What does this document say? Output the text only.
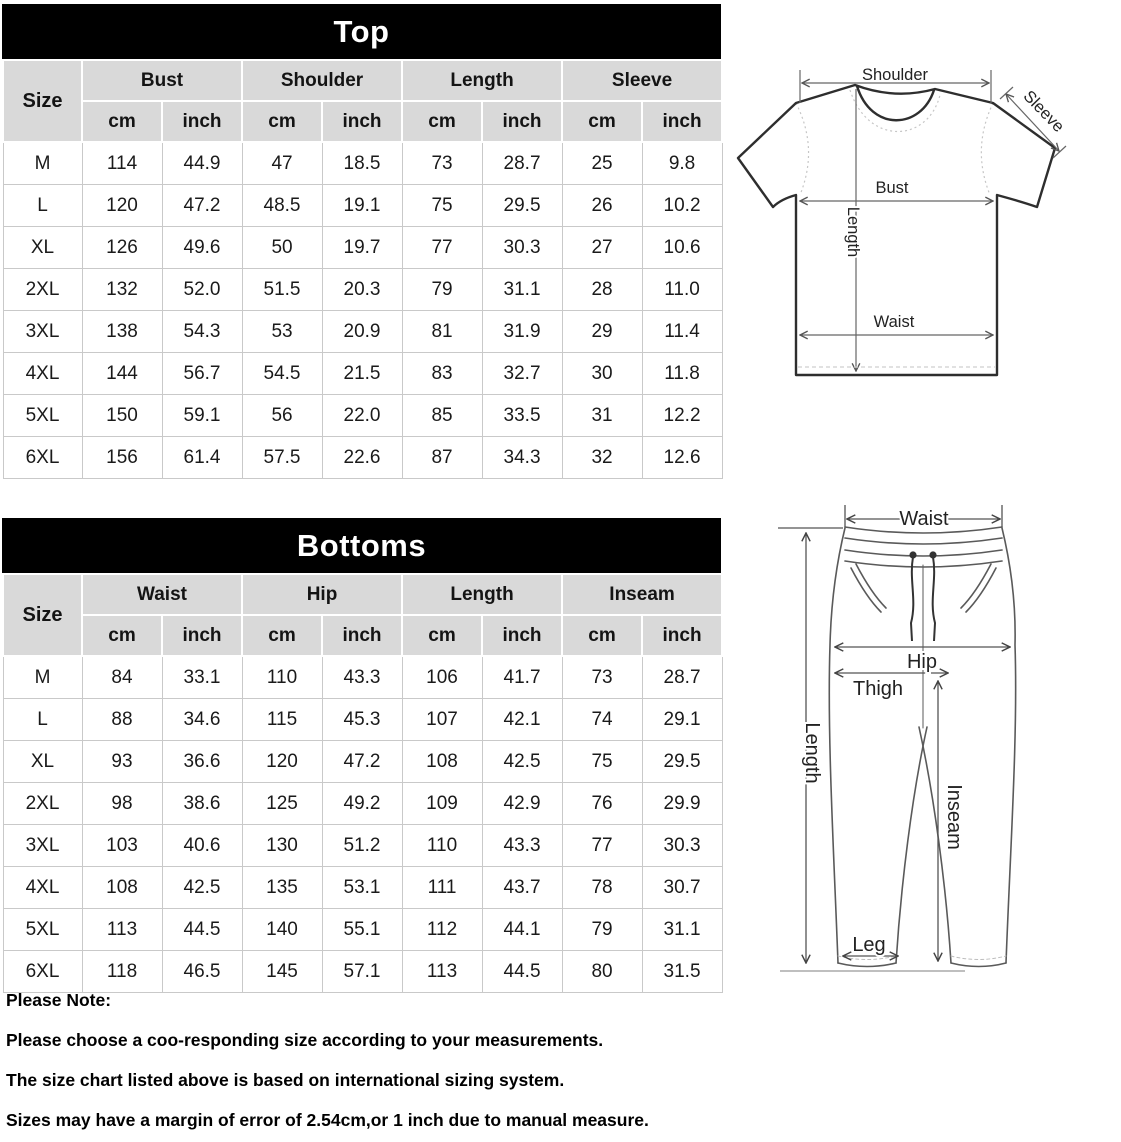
Top
Size	Bust		Shoulder		Length		Sleeve	
	cm	inch	cm	inch	cm	inch	cm	inch
M	114	44.9	47	18.5	73	28.7	25	9.8
L	120	47.2	48.5	19.1	75	29.5	26	10.2
XL	126	49.6	50	19.7	77	30.3	27	10.6
2XL	132	52.0	51.5	20.3	79	31.1	28	11.0
3XL	138	54.3	53	20.9	81	31.9	29	11.4
4XL	144	56.7	54.5	21.5	83	32.7	30	11.8
5XL	150	59.1	56	22.0	85	33.5	31	12.2
6XL	156	61.4	57.5	22.6	87	34.3	32	12.6
Bottoms
Size	Waist		Hip		Length		Inseam	
	cm	inch	cm	inch	cm	inch	cm	inch
M	84	33.1	110	43.3	106	41.7	73	28.7
L	88	34.6	115	45.3	107	42.1	74	29.1
XL	93	36.6	120	47.2	108	42.5	75	29.5
2XL	98	38.6	125	49.2	109	42.9	76	29.9
3XL	103	40.6	130	51.2	110	43.3	77	30.3
4XL	108	42.5	135	53.1	111	43.7	78	30.7
5XL	113	44.5	140	55.1	112	44.1	79	31.1
6XL	118	46.5	145	57.1	113	44.5	80	31.5
Please Note:
Please choose a coo-responding size according to your measurements.
The size chart listed above is based on international sizing system.
Sizes may have a margin of error of 2.54cm,or 1 inch due to manual measure.
Shoulder
Sleeve
Bust
Length
Waist
Waist
Hip
Thigh
Length
Inseam
Leg
